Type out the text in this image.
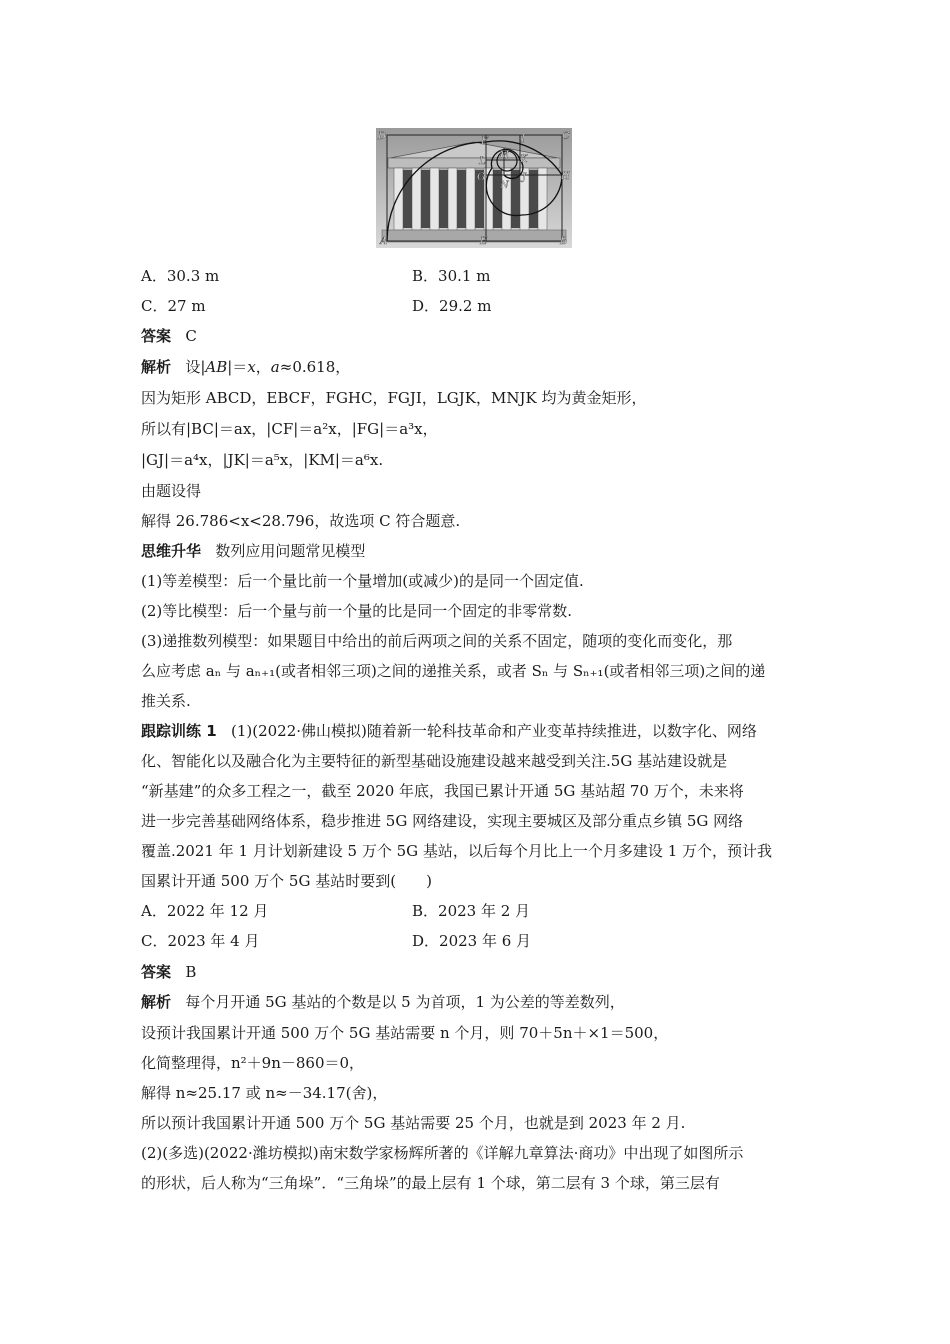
D	C
A	B
E
F
G	H
I
J
K
L
M
N
A．30.3 m	B．30.1 m
C．27 m	D．29.2 m
答案 C
解析 设|AB|＝x，a≈0.618，
因为矩形 ABCD，EBCF，FGHC，FGJI，LGJK，MNJK 均为黄金矩形，
所以有|BC|＝ax，|CF|＝a²x，|FG|＝a³x，
|GJ|＝a⁴x，|JK|＝a⁵x，|KM|＝a⁶x.
由题设得
解得 26.786<x<28.796，故选项 C 符合题意.
思维升华 数列应用问题常见模型
(1)等差模型：后一个量比前一个量增加(或减少)的是同一个固定值.
(2)等比模型：后一个量与前一个量的比是同一个固定的非零常数.
(3)递推数列模型：如果题目中给出的前后两项之间的关系不固定，随项的变化而变化，那
么应考虑 aₙ 与 aₙ₊₁(或者相邻三项)之间的递推关系，或者 Sₙ 与 Sₙ₊₁(或者相邻三项)之间的递
推关系.
跟踪训练 1 (1)(2022·佛山模拟)随着新一轮科技革命和产业变革持续推进，以数字化、网络
化、智能化以及融合化为主要特征的新型基础设施建设越来越受到关注.5G 基站建设就是
“新基建”的众多工程之一，截至 2020 年底，我国已累计开通 5G 基站超 70 万个，未来将
进一步完善基础网络体系，稳步推进 5G 网络建设，实现主要城区及部分重点乡镇 5G 网络
覆盖.2021 年 1 月计划新建设 5 万个 5G 基站，以后每个月比上一个月多建设 1 万个，预计我
国累计开通 500 万个 5G 基站时要到(　　)
A．2022 年 12 月	B．2023 年 2 月
C．2023 年 4 月	D．2023 年 6 月
答案 B
解析 每个月开通 5G 基站的个数是以 5 为首项，1 为公差的等差数列，
设预计我国累计开通 500 万个 5G 基站需要 n 个月，则 70＋5n＋×1＝500，
化简整理得，n²＋9n－860＝0，
解得 n≈25.17 或 n≈－34.17(舍)，
所以预计我国累计开通 500 万个 5G 基站需要 25 个月，也就是到 2023 年 2 月.
(2)(多选)(2022·潍坊模拟)南宋数学家杨辉所著的《详解九章算法·商功》中出现了如图所示
的形状，后人称为“三角垛”．“三角垛”的最上层有 1 个球，第二层有 3 个球，第三层有
